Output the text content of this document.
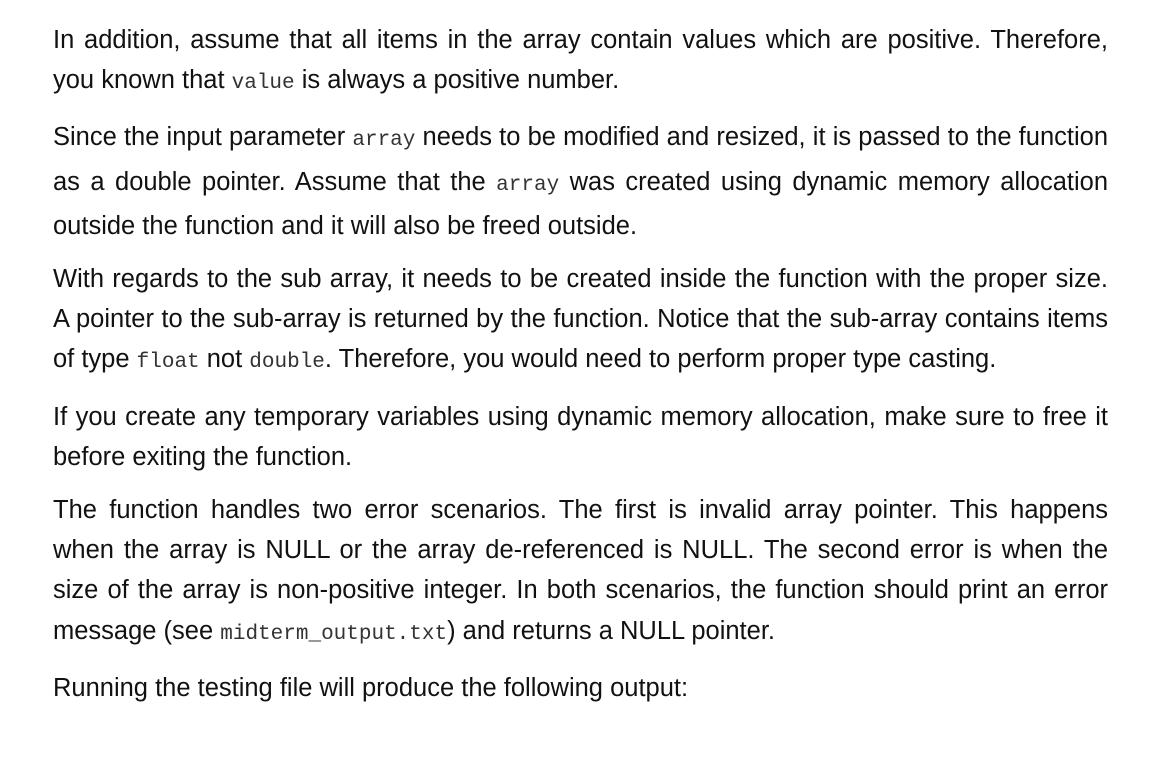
In addition, assume that all items in the array contain values which are positive. Therefore, you known that value is always a positive number.

Since the input parameter array needs to be modified and resized, it is passed to the function as a double pointer. Assume that the array was created using dynamic memory allocation outside the function and it will also be freed outside.

With regards to the sub array, it needs to be created inside the function with the proper size. A pointer to the sub-array is returned by the function. Notice that the sub-array contains items of type float not double. Therefore, you would need to perform proper type casting.

If you create any temporary variables using dynamic memory allocation, make sure to free it before exiting the function.

The function handles two error scenarios. The first is invalid array pointer. This happens when the array is NULL or the array de-referenced is NULL. The second error is when the size of the array is non-positive integer. In both scenarios, the function should print an error message (see midterm_output.txt) and returns a NULL pointer.

Running the testing file will produce the following output:
